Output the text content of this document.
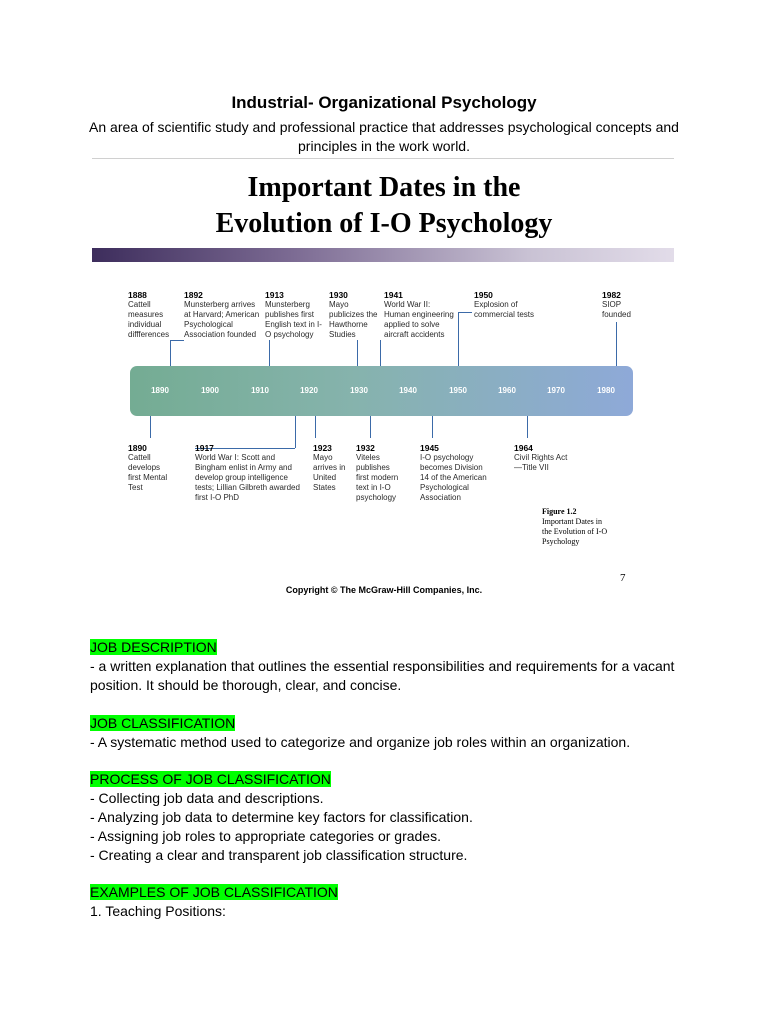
Industrial- Organizational Psychology
An area of scientific study and professional practice that addresses psychological concepts and principles in the work world.
Important Dates in the
Evolution of I-O Psychology
1890	1900	1910	1920	1930	1940	1950	1960	1970	1980
1888
Cattell measures individual diffferences
1892
Munsterberg arrives at Harvard; American Psychological Association founded
1913
Munsterberg publishes first English text in I-O psychology
1930
Mayo publicizes the Hawthorne Studies
1941
World War II: Human engineering applied to solve aircraft accidents
1950
Explosion of commercial tests
1982
SIOP founded
1890
Cattell develops first Mental Test
1917
World War I: Scott and Bingham enlist in Army and develop group intelligence tests; Lillian Gilbreth awarded first I-O PhD
1923
Mayo arrives in United States
1932
Viteles publishes first modern text in I-O psychology
1945
I-O psychology becomes Division 14 of the American Psychological Association
1964
Civil Rights Act —Title VII
Figure 1.2
Important Dates in the Evolution of I-O Psychology
7
Copyright © The McGraw-Hill Companies, Inc.
JOB DESCRIPTION
- a written explanation that outlines the essential responsibilities and requirements for a vacant position. It should be thorough, clear, and concise.
JOB CLASSIFICATION
- A systematic method used to categorize and organize job roles within an organization.
PROCESS OF JOB CLASSIFICATION
- Collecting job data and descriptions.
- Analyzing job data to determine key factors for classification.
- Assigning job roles to appropriate categories or grades.
- Creating a clear and transparent job classification structure.
EXAMPLES OF JOB CLASSIFICATION
1. Teaching Positions:
